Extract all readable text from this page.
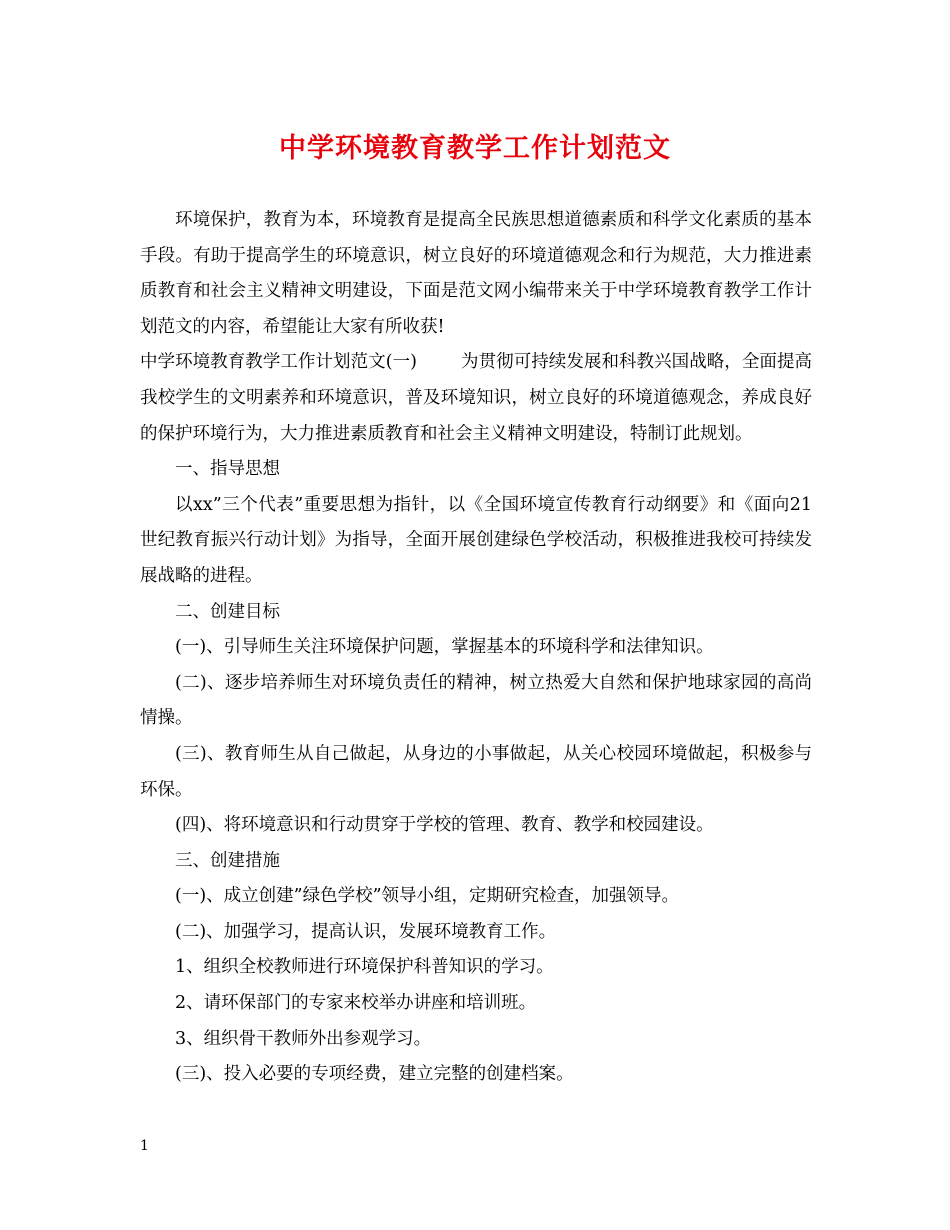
中学环境教育教学工作计划范文

环境保护，教育为本，环境教育是提高全民族思想道德素质和科学文化素质的基本手段。有助于提高学生的环境意识，树立良好的环境道德观念和行为规范，大力推进素质教育和社会主义精神文明建设，下面是范文网小编带来关于中学环境教育教学工作计划范文的内容，希望能让大家有所收获!

中学环境教育教学工作计划范文(一)	为贯彻可持续发展和科教兴国战略，全面提高我校学生的文明素养和环境意识，普及环境知识，树立良好的环境道德观念，养成良好的保护环境行为，大力推进素质教育和社会主义精神文明建设，特制订此规划。

一、指导思想

以xx”三个代表”重要思想为指针，以《全国环境宣传教育行动纲要》和《面向21世纪教育振兴行动计划》为指导，全面开展创建绿色学校活动，积极推进我校可持续发展战略的进程。

二、创建目标

(一)、引导师生关注环境保护问题，掌握基本的环境科学和法律知识。

(二)、逐步培养师生对环境负责任的精神，树立热爱大自然和保护地球家园的高尚情操。

(三)、教育师生从自己做起，从身边的小事做起，从关心校园环境做起，积极参与环保。

(四)、将环境意识和行动贯穿于学校的管理、教育、教学和校园建设。

三、创建措施

(一)、成立创建”绿色学校”领导小组，定期研究检查，加强领导。

(二)、加强学习，提高认识，发展环境教育工作。

1、组织全校教师进行环境保护科普知识的学习。

2、请环保部门的专家来校举办讲座和培训班。

3、组织骨干教师外出参观学习。

(三)、投入必要的专项经费，建立完整的创建档案。

1
